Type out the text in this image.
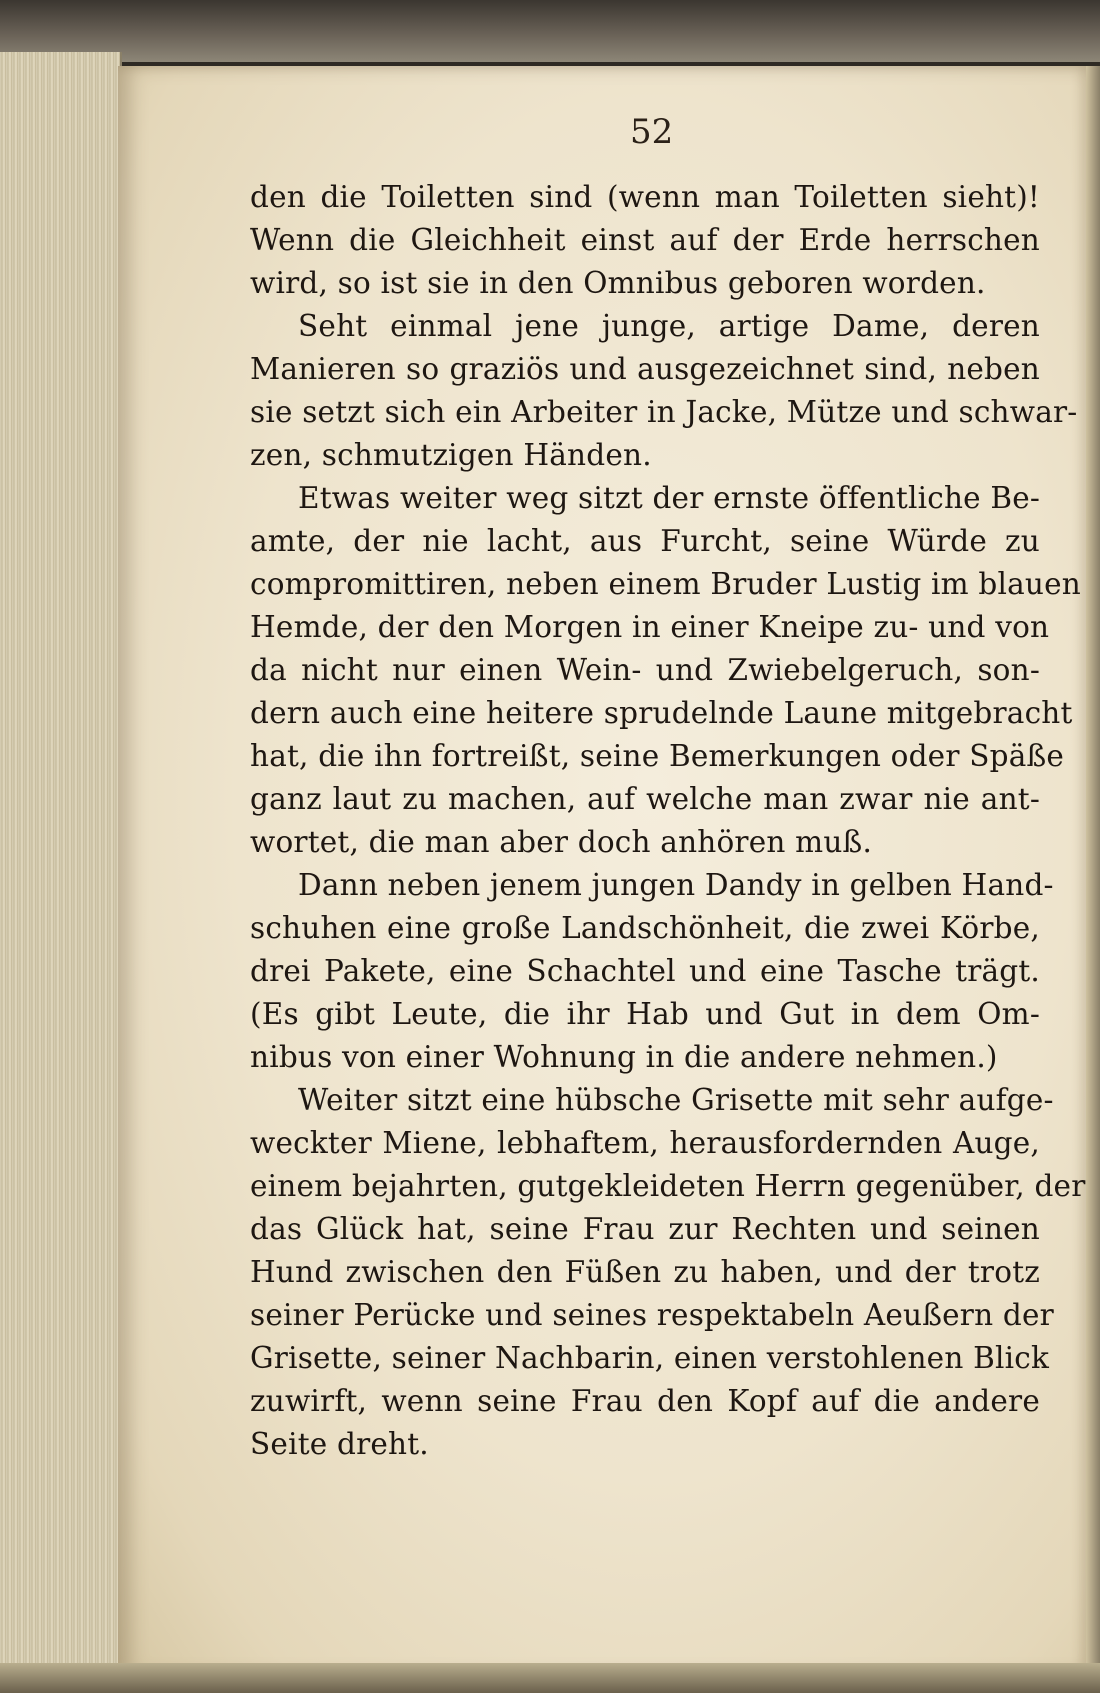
52
den die Toiletten sind (wenn man Toiletten sieht)!
Wenn die Gleichheit einst auf der Erde herrschen
wird, so ist sie in den Omnibus geboren worden.
Seht einmal jene junge, artige Dame, deren
Manieren so graziös und ausgezeichnet sind, neben
sie setzt sich ein Arbeiter in Jacke, Mütze und schwar-
zen, schmutzigen Händen.
Etwas weiter weg sitzt der ernste öffentliche Be-
amte, der nie lacht, aus Furcht, seine Würde zu
compromittiren, neben einem Bruder Lustig im blauen
Hemde, der den Morgen in einer Kneipe zu- und von
da nicht nur einen Wein- und Zwiebelgeruch, son-
dern auch eine heitere sprudelnde Laune mitgebracht
hat, die ihn fortreißt, seine Bemerkungen oder Späße
ganz laut zu machen, auf welche man zwar nie ant-
wortet, die man aber doch anhören muß.
Dann neben jenem jungen Dandy in gelben Hand-
schuhen eine große Landschönheit, die zwei Körbe,
drei Pakete, eine Schachtel und eine Tasche trägt.
(Es gibt Leute, die ihr Hab und Gut in dem Om-
nibus von einer Wohnung in die andere nehmen.)
Weiter sitzt eine hübsche Grisette mit sehr aufge-
weckter Miene, lebhaftem, herausfordernden Auge,
einem bejahrten, gutgekleideten Herrn gegenüber, der
das Glück hat, seine Frau zur Rechten und seinen
Hund zwischen den Füßen zu haben, und der trotz
seiner Perücke und seines respektabeln Aeußern der
Grisette, seiner Nachbarin, einen verstohlenen Blick
zuwirft, wenn seine Frau den Kopf auf die andere
Seite dreht.
